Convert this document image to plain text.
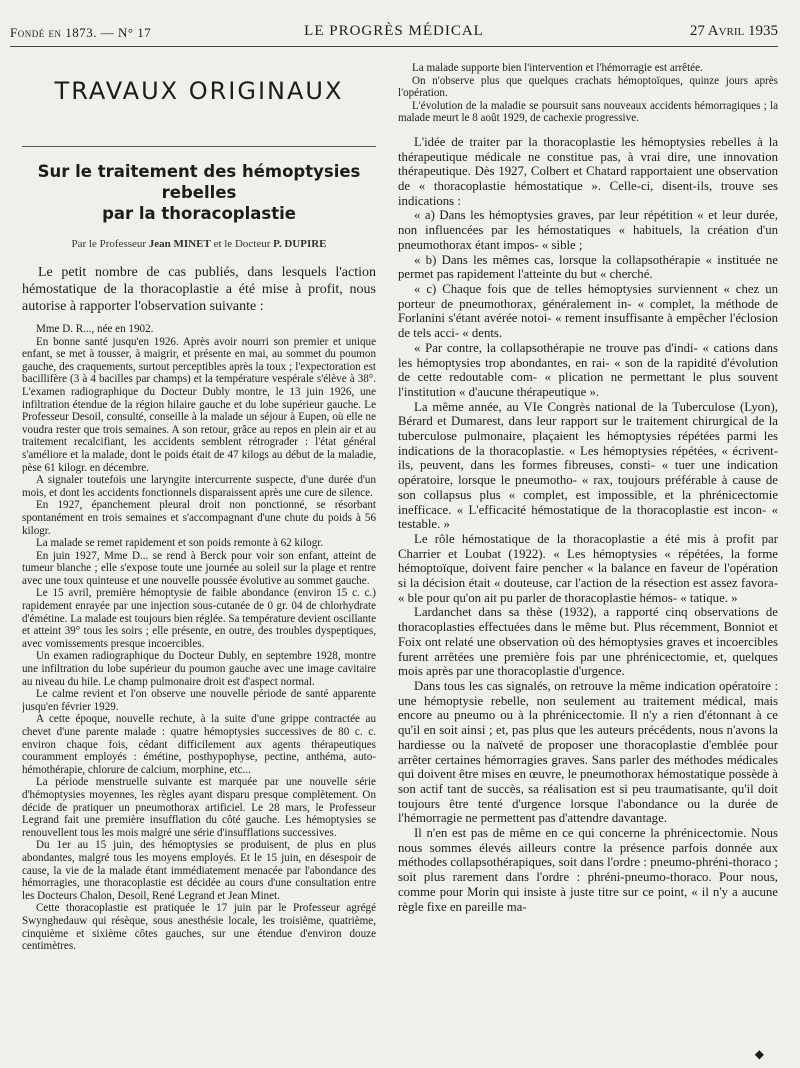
Fondé en 1873. — N° 17	LE PROGRÈS MÉDICAL	27 Avril 1935
TRAVAUX ORIGINAUX
Sur le traitement des hémoptysies rebelles
par la thoracoplastie
Par le Professeur Jean MINET et le Docteur P. DUPIRE

Le petit nombre de cas publiés, dans lesquels l'action hémostatique de la thoracoplastie a été mise à profit, nous autorise à rapporter l'observation suivante :

Mme D. R..., née en 1902.

En bonne santé jusqu'en 1926. Après avoir nourri son premier et unique enfant, se met à tousser, à maigrir, et présente en mai, au sommet du poumon gauche, des craquements, surtout perceptibles après la toux ; l'expectoration est bacillifère (3 à 4 bacilles par champs) et la température vespérale s'élève à 38°. L'examen radiographique du Docteur Dubly montre, le 13 juin 1926, une infiltration étendue de la région hilaire gauche et du lobe supérieur gauche. Le Professeur Desoil, consulté, conseille à la malade un séjour à Eupen, où elle ne voudra rester que trois semaines. A son retour, grâce au repos en plein air et au traitement recalcifiant, les accidents semblent rétrograder : l'état général s'améliore et la malade, dont le poids était de 47 kilogs au début de la maladie, pèse 61 kilogr. en décembre.

A signaler toutefois une laryngite intercurrente suspecte, d'une durée d'un mois, et dont les accidents fonctionnels disparaissent après une cure de silence.

En 1927, épanchement pleural droit non ponctionné, se résorbant spontanément en trois semaines et s'accompagnant d'une chute du poids à 56 kilogr.

La malade se remet rapidement et son poids remonte à 62 kilogr.

En juin 1927, Mme D... se rend à Berck pour voir son enfant, atteint de tumeur blanche ; elle s'expose toute une journée au soleil sur la plage et rentre avec une toux quinteuse et une nouvelle poussée évolutive au sommet gauche.

Le 15 avril, première hémoptysie de faible abondance (environ 15 c. c.) rapidement enrayée par une injection sous-cutanée de 0 gr. 04 de chlorhydrate d'émétine. La malade est toujours bien réglée. Sa température devient oscillante et atteint 39° tous les soirs ; elle présente, en outre, des troubles dyspeptiques, avec vomissements presque incoercibles.

Un examen radiographique du Docteur Dubly, en septembre 1928, montre une infiltration du lobe supérieur du poumon gauche avec une image cavitaire au niveau du hile. Le champ pulmonaire droit est d'aspect normal.

Le calme revient et l'on observe une nouvelle période de santé apparente jusqu'en février 1929.

A cette époque, nouvelle rechute, à la suite d'une grippe contractée au chevet d'une parente malade : quatre hémoptysies successives de 80 c. c. environ chaque fois, cédant difficilement aux agents thérapeutiques couramment employés : émétine, posthypophyse, pectine, anthéma, auto-hémothérapie, chlorure de calcium, morphine, etc...

La période menstruelle suivante est marquée par une nouvelle série d'hémoptysies moyennes, les règles ayant disparu presque complètement. On décide de pratiquer un pneumothorax artificiel. Le 28 mars, le Professeur Legrand fait une première insufflation du côté gauche. Les hémoptysies se renouvellent tous les mois malgré une série d'insufflations successives.

Du 1er au 15 juin, des hémoptysies se produisent, de plus en plus abondantes, malgré tous les moyens employés. Et le 15 juin, en désespoir de cause, la vie de la malade étant immédiatement menacée par l'abondance des hémorragies, une thoracoplastie est décidée au cours d'une consultation entre les Docteurs Chalon, Desoil, René Legrand et Jean Minet.

Cette thoracoplastie est pratiquée le 17 juin par le Professeur agrégé Swynghedauw qui résèque, sous anesthésie locale, les troisième, quatrième, cinquième et sixième côtes gauches, sur une étendue d'environ douze centimètres.

La malade supporte bien l'intervention et l'hémorragie est arrêtée.

On n'observe plus que quelques crachats hémoptoïques, quinze jours après l'opération.

L'évolution de la maladie se poursuit sans nouveaux accidents hémorragiques ; la malade meurt le 8 août 1929, de cachexie progressive.

L'idée de traiter par la thoracoplastie les hémoptysies rebelles à la thérapeutique médicale ne constitue pas, à vrai dire, une innovation thérapeutique. Dès 1927, Colbert et Chatard rapportaient une observation de « thoracoplastie hémostatique ». Celle-ci, disent-ils, trouve ses indications :

« a) Dans les hémoptysies graves, par leur répétition « et leur durée, non influencées par les hémostatiques « habituels, la création d'un pneumothorax étant impos- « sible ;

« b) Dans les mêmes cas, lorsque la collapsothérapie « instituée ne permet pas rapidement l'atteinte du but « cherché.

« c) Chaque fois que de telles hémoptysies surviennent « chez un porteur de pneumothorax, généralement in- « complet, la méthode de Forlanini s'étant avérée notoi- « rement insuffisante à empêcher l'éclosion de tels acci- « dents.

« Par contre, la collapsothérapie ne trouve pas d'indi- « cations dans les hémoptysies trop abondantes, en rai- « son de la rapidité d'évolution de cette redoutable com- « plication ne permettant le plus souvent l'institution « d'aucune thérapeutique ».

La même année, au VIe Congrès national de la Tuberculose (Lyon), Bérard et Dumarest, dans leur rapport sur le traitement chirurgical de la tuberculose pulmonaire, plaçaient les hémoptysies répétées parmi les indications de la thoracoplastie. « Les hémoptysies répétées, « écrivent-ils, peuvent, dans les formes fibreuses, consti- « tuer une indication opératoire, lorsque le pneumotho- « rax, toujours préférable à cause de son collapsus plus « complet, est impossible, et la phrénicectomie inefficace. « L'efficacité hémostatique de la thoracoplastie est incon- « testable. »

Le rôle hémostatique de la thoracoplastie a été mis à profit par Charrier et Loubat (1922). « Les hémoptysies « répétées, la forme hémoptoïque, doivent faire pencher « la balance en faveur de l'opération si la décision était « douteuse, car l'action de la résection est assez favora- « ble pour qu'on ait pu parler de thoracoplastie hémos- « tatique. »

Lardanchet dans sa thèse (1932), a rapporté cinq observations de thoracoplasties effectuées dans le même but. Plus récemment, Bonniot et Foix ont relaté une observation où des hémoptysies graves et incoercibles furent arrêtées une première fois par une phrénicectomie, et, quelques mois après par une thoracoplastie d'urgence.

Dans tous les cas signalés, on retrouve la même indication opératoire : une hémoptysie rebelle, non seulement au traitement médical, mais encore au pneumo ou à la phrénicectomie. Il n'y a rien d'étonnant à ce qu'il en soit ainsi ; et, pas plus que les auteurs précédents, nous n'avons la hardiesse ou la naïveté de proposer une thoracoplastie d'emblée pour arrêter certaines hémorragies graves. Sans parler des méthodes médicales qui doivent être mises en œuvre, le pneumothorax hémostatique possède à son actif tant de succès, sa réalisation est si peu traumatisante, qu'il doit toujours être tenté d'urgence lorsque l'abondance ou la durée de l'hémorragie ne permettent pas d'attendre davantage.

Il n'en est pas de même en ce qui concerne la phrénicectomie. Nous nous sommes élevés ailleurs contre la présence parfois donnée aux méthodes collapsothérapiques, soit dans l'ordre : pneumo-phréni-thoraco ; soit plus rarement dans l'ordre : phréni-pneumo-thoraco. Pour nous, comme pour Morin qui insiste à juste titre sur ce point, « il n'y a aucune règle fixe en pareille ma-

◆
